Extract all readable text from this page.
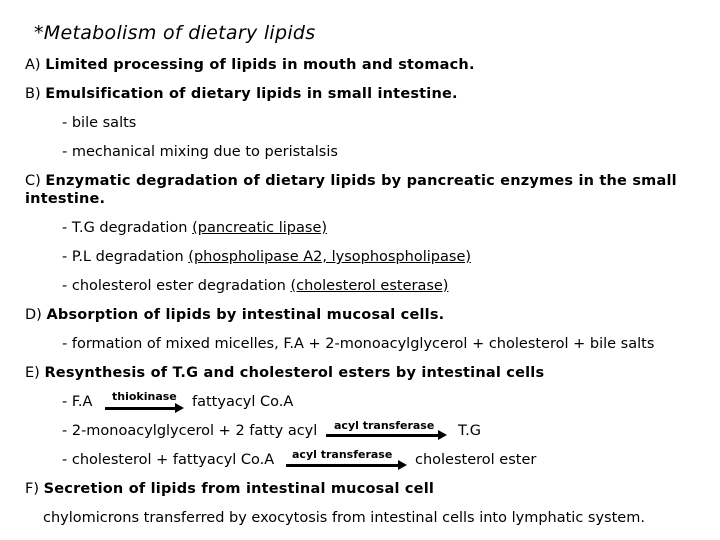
*Metabolism of dietary lipids
A) Limited processing of lipids in mouth and stomach.
B) Emulsification of dietary lipids in small intestine.
- bile salts
- mechanical mixing due to peristalsis
C) Enzymatic degradation of dietary lipids by pancreatic enzymes in the small
intestine.
- T.G degradation (pancreatic lipase)
- P.L degradation (phospholipase A2, lysophospholipase)
- cholesterol ester degradation (cholesterol esterase)
D) Absorption of lipids by intestinal mucosal cells.
- formation of mixed micelles, F.A + 2-monoacylglycerol + cholesterol + bile salts
E) Resynthesis of T.G and cholesterol esters by intestinal cells
- F.A thiokinase fattyacyl Co.A
- 2-monoacylglycerol + 2 fatty acyl acyl transferase T.G
- cholesterol + fattyacyl Co.A acyl transferase cholesterol ester
F) Secretion of lipids from intestinal mucosal cell
chylomicrons transferred by exocytosis from intestinal cells into lymphatic system.
